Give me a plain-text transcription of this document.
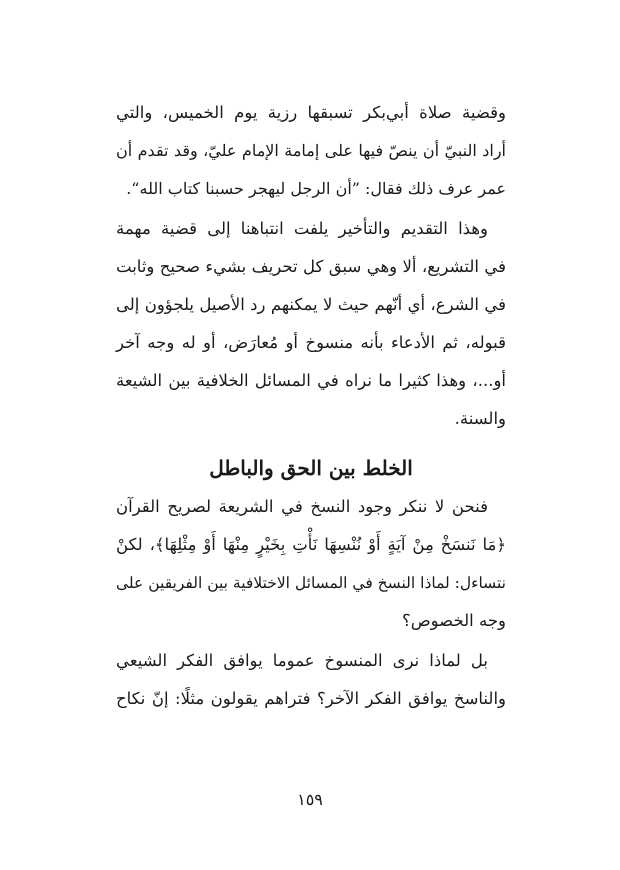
وقضية صلاة أبي‌بكر تسبقها رزية يوم الخميس، والتي
أراد النبيّ أن ينصّ فيها على إمامة الإمام عليّ، وقد تقدم أن
عمر عرف ذلك فقال: ”أن الرجل ليهجر حسبنا كتاب الله“.
وهذا التقديم والتأخير يلفت انتباهنا إلى قضية مهمة
في التشريع، ألا وهي سبق كل تحريف بشيء صحيح وثابت
في الشرع، أي أنّهم حيث لا يمكنهم رد الأصيل يلجؤون إلى
قبوله، ثم الأدعاء بأنه منسوخ أو مُعارَض، أو له وجه آخر
أو...، وهذا كثيرا ما نراه في المسائل الخلافية بين الشيعة
والسنة.
الخلط بين الحق والباطل
فنحن لا ننكر وجود النسخ في الشريعة لصريح القرآن
﴿مَا نَنسَخْ مِنْ آيَةٍ أَوْ نُنْسِهَا نَأْتِ بِخَيْرٍ مِنْهَا أَوْ مِثْلِهَا﴾، لكنْ
نتساءل: لماذا النسخ في المسائل الاختلافية بين الفريقين على
وجه الخصوص؟
بل لماذا نرى المنسوخ عموما يوافق الفكر الشيعي
والناسخ يوافق الفكر الآخر؟ فتراهم يقولون مثلًا: إنّ نكاح
١٥٩
